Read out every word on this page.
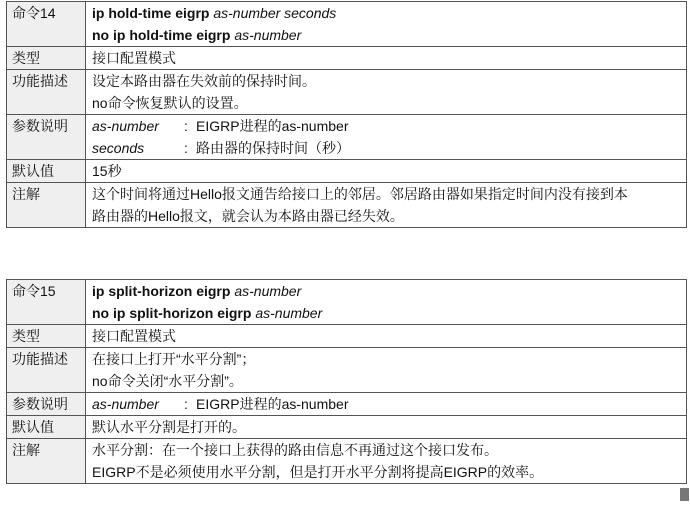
命令14	ip hold-time eigrp as-number seconds
no ip hold-time eigrp as-number

类型	接口配置模式
功能描述	设定本路由器在失效前的保持时间。
no命令恢复默认的设置。

参数说明	as-number : EIGRP进程的as-number
seconds : 路由器的保持时间（秒）

默认值	15秒
注解	这个时间将通过Hello报文通告给接口上的邻居。邻居路由器如果指定时间内没有接到本
路由器的Hello报文，就会认为本路由器已经失效。
命令15	ip split-horizon eigrp as-number
no ip split-horizon eigrp as-number

类型	接口配置模式
功能描述	在接口上打开“水平分割”；
no命令关闭“水平分割”。

参数说明	as-number : EIGRP进程的as-number

默认值	默认水平分割是打开的。
注解	水平分割：在一个接口上获得的路由信息不再通过这个接口发布。
EIGRP不是必须使用水平分割，但是打开水平分割将提高EIGRP的效率。
